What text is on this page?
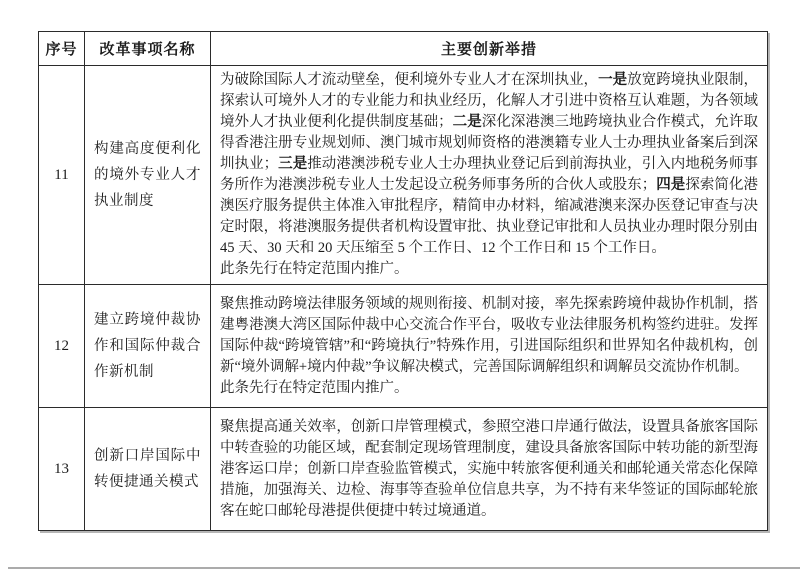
序号	改革事项名称	主要创新举措
11	构建高度便利化的境外专业人才执业制度	为破除国际人才流动壁垒，便利境外专业人才在深圳执业，一是放宽跨境执业限制，探索认可境外人才的专业能力和执业经历，化解人才引进中资格互认难题，为各领域境外人才执业便利化提供制度基础；二是深化深港澳三地跨境执业合作模式，允许取得香港注册专业规划师、澳门城市规划师资格的港澳籍专业人士办理执业备案后到深圳执业；三是推动港澳涉税专业人士办理执业登记后到前海执业，引入内地税务师事务所作为港澳涉税专业人士发起设立税务师事务所的合伙人或股东；四是探索简化港澳医疗服务提供主体准入审批程序，精简申办材料，缩减港澳来深办医登记审查与决定时限，将港澳服务提供者机构设置审批、执业登记审批和人员执业办理时限分别由45 天、30 天和 20 天压缩至 5 个工作日、12 个工作日和 15 个工作日。
此条先行在特定范围内推广。

12	建立跨境仲裁协作和国际仲裁合作新机制	聚焦推动跨境法律服务领域的规则衔接、机制对接，率先探索跨境仲裁协作机制，搭建粤港澳大湾区国际仲裁中心交流合作平台，吸收专业法律服务机构签约进驻。发挥国际仲裁“跨境管辖”和“跨境执行”特殊作用，引进国际组织和世界知名仲裁机构，创新“境外调解+境内仲裁”争议解决模式，完善国际调解组织和调解员交流协作机制。
此条先行在特定范围内推广。

13	创新口岸国际中转便捷通关模式	聚焦提高通关效率，创新口岸管理模式，参照空港口岸通行做法，设置具备旅客国际中转查验的功能区域，配套制定现场管理制度，建设具备旅客国际中转功能的新型海港客运口岸；创新口岸查验监管模式，实施中转旅客便利通关和邮轮通关常态化保障措施，加强海关、边检、海事等查验单位信息共享，为不持有来华签证的国际邮轮旅客在蛇口邮轮母港提供便捷中转过境通道。
